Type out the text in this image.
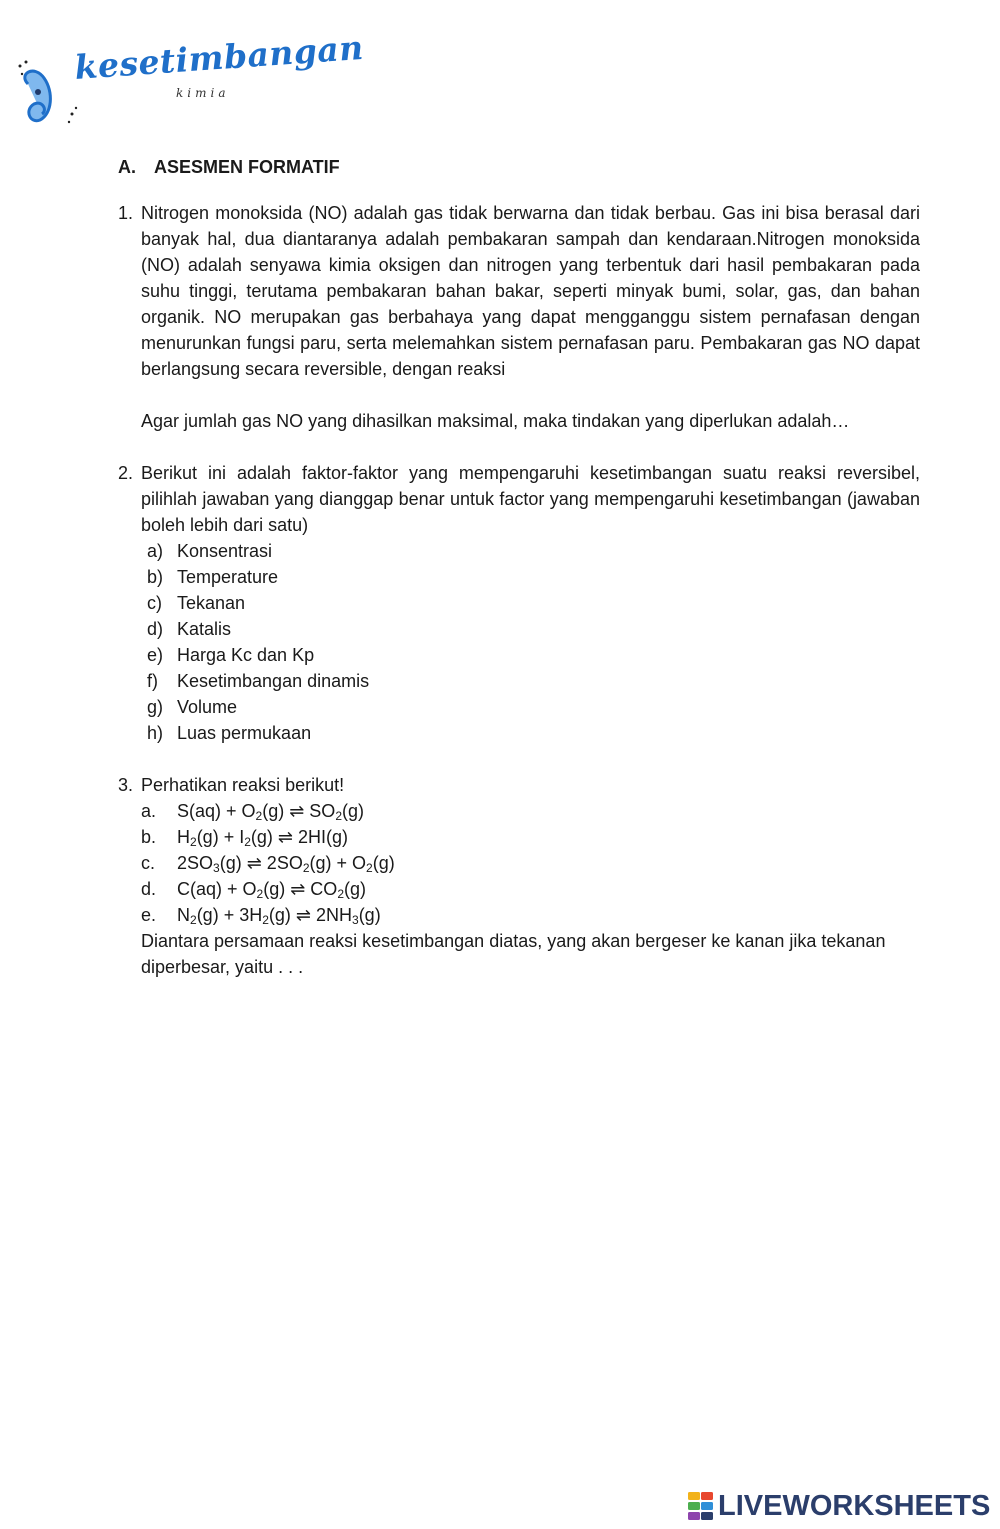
kesetimbangan
kimia
A.	ASESMEN FORMATIF
1. Nitrogen monoksida (NO) adalah gas tidak berwarna dan tidak berbau. Gas ini bisa berasal dari banyak hal, dua diantaranya adalah pembakaran sampah dan kendaraan.Nitrogen monoksida (NO) adalah senyawa kimia oksigen dan nitrogen yang terbentuk dari hasil pembakaran pada suhu tinggi, terutama pembakaran bahan bakar, seperti minyak bumi, solar, gas, dan bahan organik. NO merupakan gas berbahaya yang dapat mengganggu sistem pernafasan dengan menurunkan fungsi paru, serta melemahkan sistem pernafasan paru. Pembakaran gas NO dapat berlangsung secara reversible, dengan reaksi
Agar jumlah gas NO yang dihasilkan maksimal, maka tindakan yang diperlukan adalah…
2. Berikut ini adalah faktor-faktor yang mempengaruhi kesetimbangan suatu reaksi reversibel, pilihlah jawaban yang dianggap benar untuk factor yang mempengaruhi kesetimbangan (jawaban boleh lebih dari satu)
a) Konsentrasi
b) Temperature
c) Tekanan
d) Katalis
e) Harga Kc dan Kp
f)	Kesetimbangan dinamis
g) Volume
h) Luas permukaan
3. Perhatikan reaksi berikut!
a.	$S(aq) + O_2(g)$ ⇌ $SO_2(g)$
b.	$H_2(g) + I_2(g)$ ⇌ 2HI(g)
c.	$2SO_3(g)$ ⇌ $2SO_2(g) + O_2(g)$
d.	$C(aq) + O_2(g)$ ⇌ $CO_2(g)$
e.	$N_2(g) + 3H_2(g)$ ⇌ $2NH_3(g)$
Diantara persamaan reaksi kesetimbangan diatas, yang akan bergeser ke kanan jika tekanan diperbesar, yaitu . . .
LIVEWORKSHEETS
